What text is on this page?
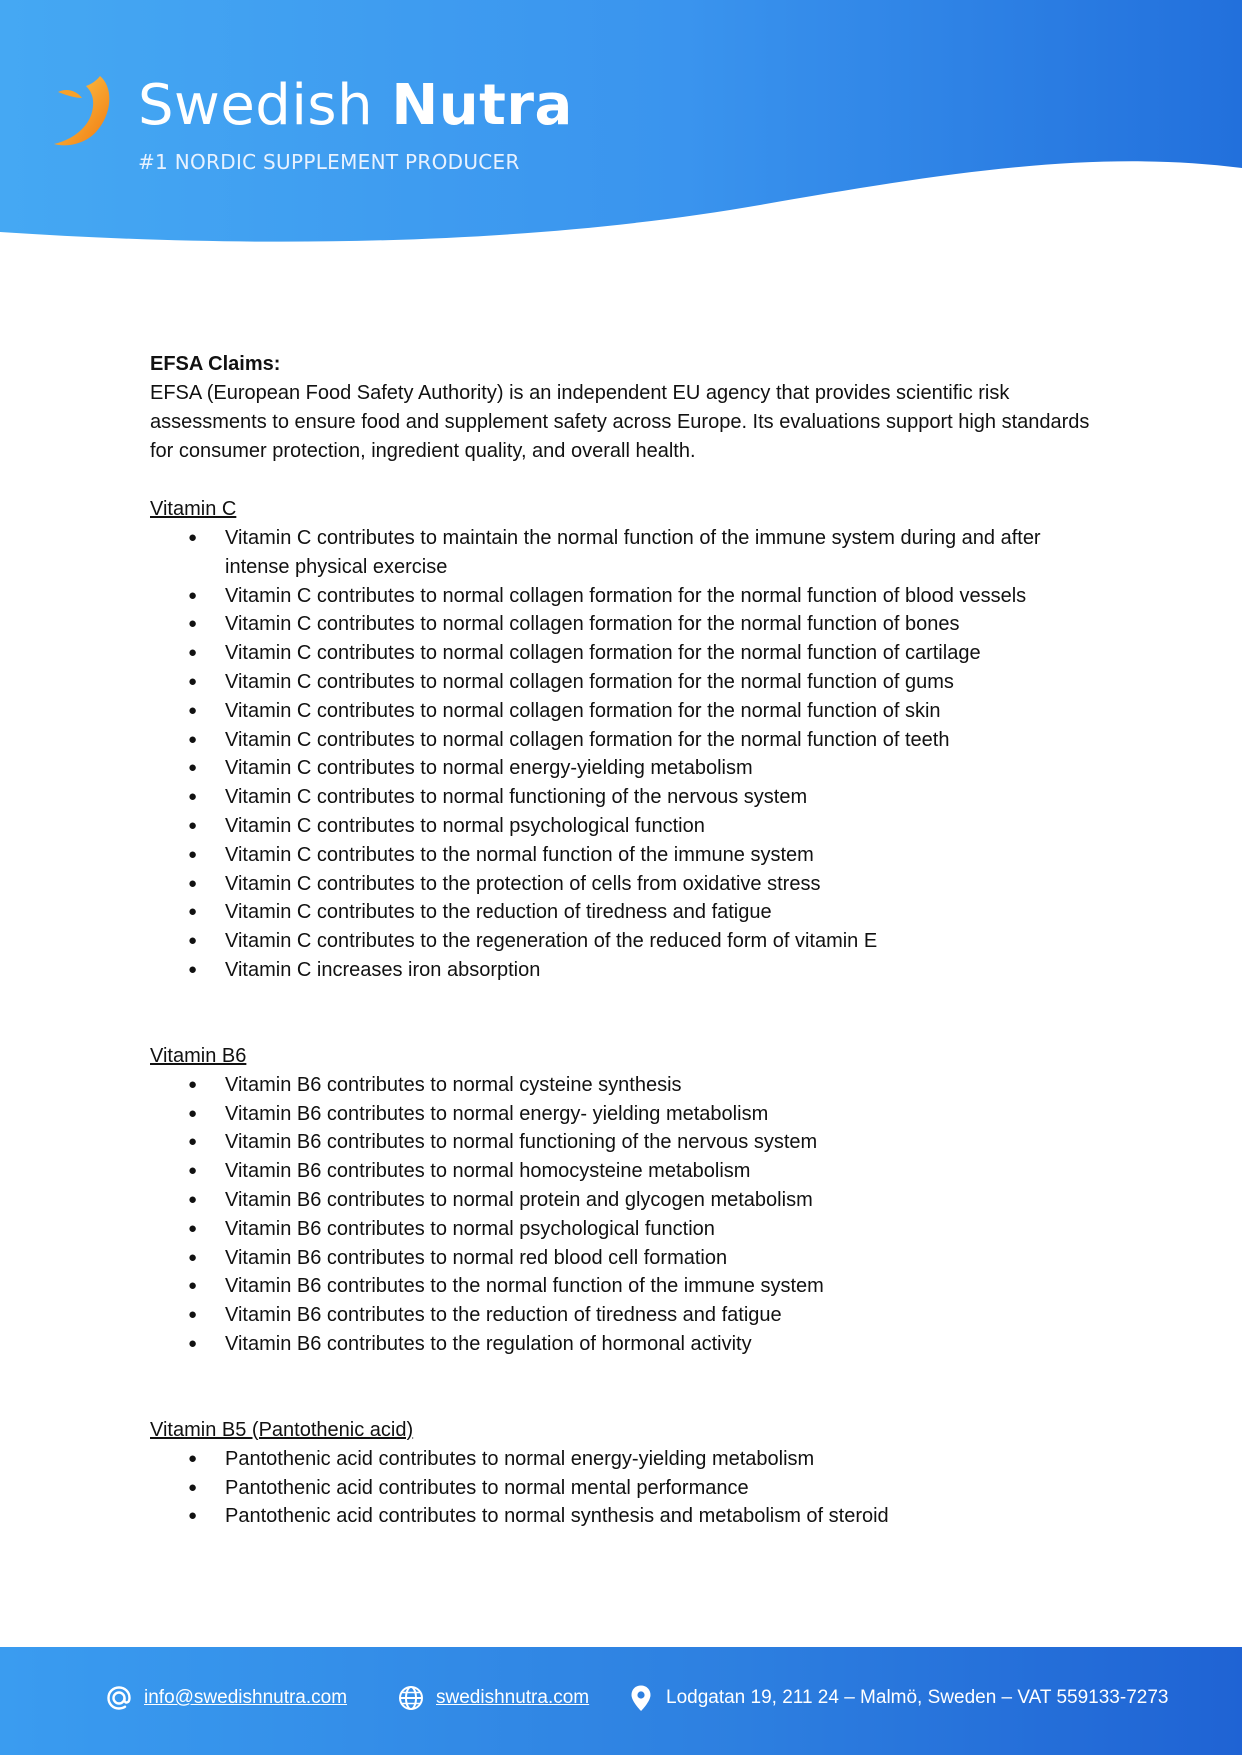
Swedish Nutra
#1 NORDIC SUPPLEMENT PRODUCER
EFSA Claims:

EFSA (European Food Safety Authority) is an independent EU agency that provides scientific risk assessments to ensure food and supplement safety across Europe. Its evaluations support high standards for consumer protection, ingredient quality, and overall health.

Vitamin C
● Vitamin C contributes to maintain the normal function of the immune system during and after intense physical exercise
● Vitamin C contributes to normal collagen formation for the normal function of blood vessels
● Vitamin C contributes to normal collagen formation for the normal function of bones
● Vitamin C contributes to normal collagen formation for the normal function of cartilage
● Vitamin C contributes to normal collagen formation for the normal function of gums
● Vitamin C contributes to normal collagen formation for the normal function of skin
● Vitamin C contributes to normal collagen formation for the normal function of teeth
● Vitamin C contributes to normal energy-yielding metabolism
● Vitamin C contributes to normal functioning of the nervous system
● Vitamin C contributes to normal psychological function
● Vitamin C contributes to the normal function of the immune system
● Vitamin C contributes to the protection of cells from oxidative stress
● Vitamin C contributes to the reduction of tiredness and fatigue
● Vitamin C contributes to the regeneration of the reduced form of vitamin E
● Vitamin C increases iron absorption
Vitamin B6
● Vitamin B6 contributes to normal cysteine synthesis
● Vitamin B6 contributes to normal energy- yielding metabolism
● Vitamin B6 contributes to normal functioning of the nervous system
● Vitamin B6 contributes to normal homocysteine metabolism
● Vitamin B6 contributes to normal protein and glycogen metabolism
● Vitamin B6 contributes to normal psychological function
● Vitamin B6 contributes to normal red blood cell formation
● Vitamin B6 contributes to the normal function of the immune system
● Vitamin B6 contributes to the reduction of tiredness and fatigue
● Vitamin B6 contributes to the regulation of hormonal activity
Vitamin B5 (Pantothenic acid)
● Pantothenic acid contributes to normal energy-yielding metabolism
● Pantothenic acid contributes to normal mental performance
● Pantothenic acid contributes to normal synthesis and metabolism of steroid
info@swedishnutra.com	swedishnutra.com	Lodgatan 19, 211 24 – Malmö, Sweden – VAT 559133-7273
